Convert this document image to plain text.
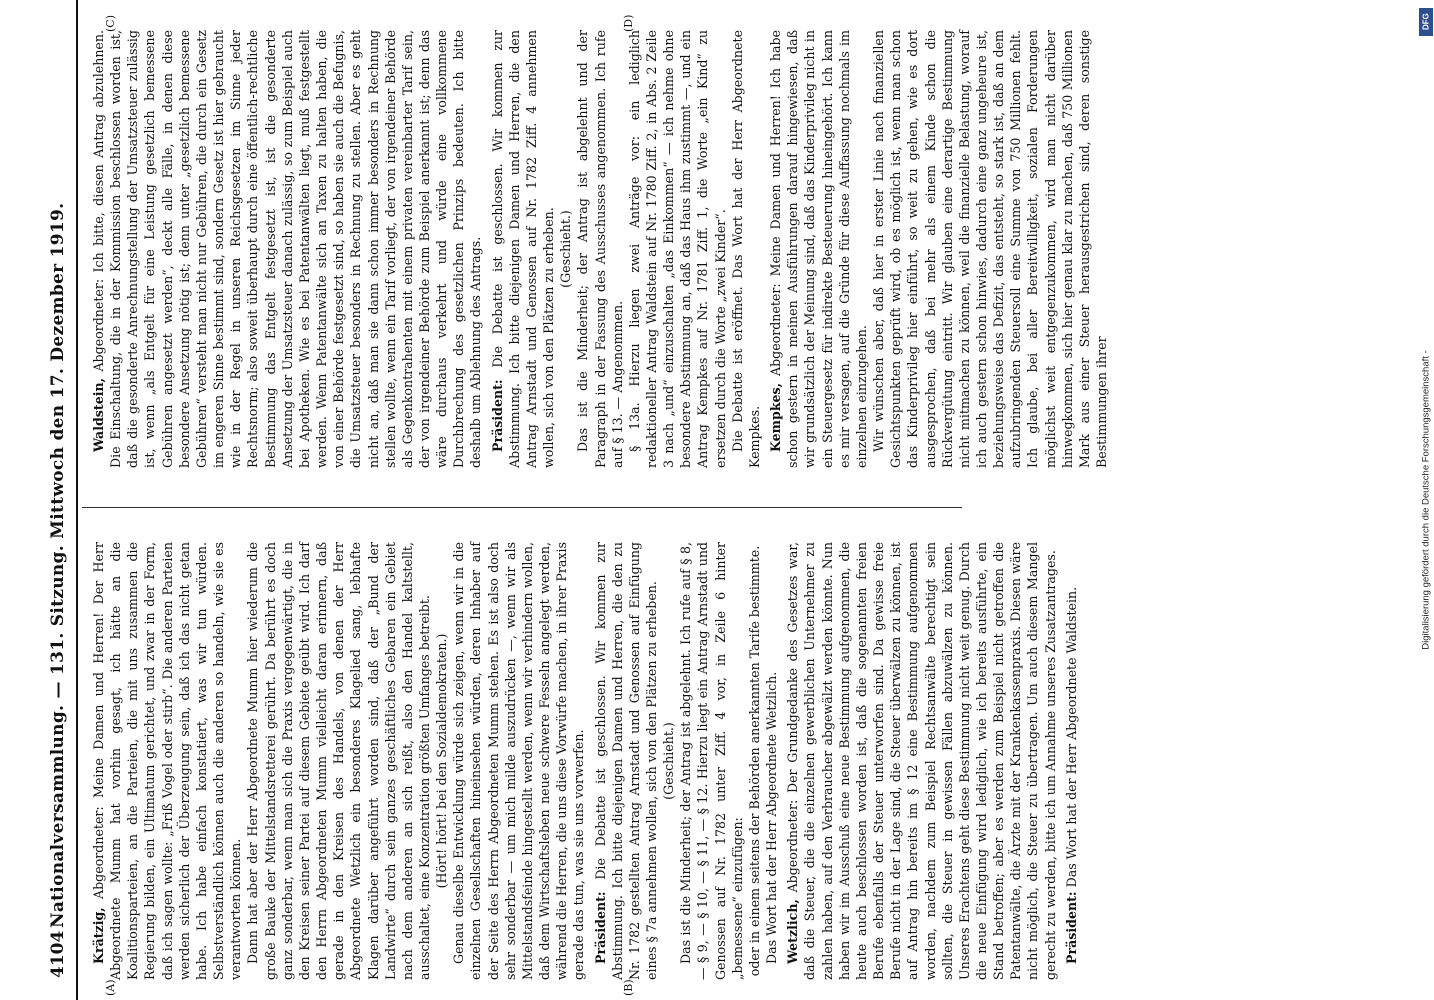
4104
Nationalversammlung. — 131. Sitzung. Mittwoch den 17. Dezember 1919.
(A)	(B)
(C)	(D)

Krätzig, Abgeordneter: Meine Damen und Herren! Der Herr Abgeordnete Mumm hat vorhin gesagt, ich hätte an die Koalitionsparteien, an die Parteien, die mit uns zusammen die Regierung bilden, ein Ultimatum gerichtet, und zwar in der Form, daß ich sagen wollte: „Friß Vogel oder stirb“. Die anderen Parteien werden sicherlich der Überzeugung sein, daß ich das nicht getan habe. Ich habe einfach konstatiert, was wir tun würden. Selbstverständlich können auch die anderen so handeln, wie sie es verantworten können. Dann hat aber der Herr Abgeordnete Mumm hier wiederum die große Bauke der Mittelstandsretterei gerührt. Da berührt es doch ganz sonderbar, wenn man sich die Praxis vergegenwärtigt, die in den Kreisen seiner Partei auf diesem Gebiete geübt wird. Ich darf den Herrn Abgeordneten Mumm vielleicht daran erinnern, daß gerade in den Kreisen des Handels, von denen der Herr Abgeordnete Wetzlich ein besonderes Klagelied sang, lebhafte Klagen darüber angeführt worden sind, daß der „Bund der Landwirte“ durch sein ganzes geschäftliches Gebaren ein Gebiet nach dem anderen an sich reißt, also den Handel kaltstellt, ausschaltet, eine Konzentration größten Umfanges betreibt. (Hört! hört! bei den Sozialdemokraten.) Genau dieselbe Entwicklung würde sich zeigen, wenn wir in die einzelnen Gesellschaften hineinsehen würden, deren Inhaber auf der Seite des Herrn Abgeordneten Mumm stehen. Es ist also doch sehr sonderbar — um mich milde auszudrücken —, wenn wir als Mittelstandsfeinde hingestellt werden, wenn wir verhindern wollen, daß dem Wirtschaftsleben neue schwere Fesseln angelegt werden, während die Herren, die uns diese Vorwürfe machen, in ihrer Praxis gerade das tun, was sie uns vorwerfen. Präsident: Die Debatte ist geschlossen. Wir kommen zur Abstimmung. Ich bitte diejenigen Damen und Herren, die den zu Nr. 1782 gestellten Antrag Arnstadt und Genossen auf Einfügung eines § 7a annehmen wollen, sich von den Plätzen zu erheben. (Geschieht.) Das ist die Minderheit; der Antrag ist abgelehnt. Ich rufe auf § 8, — § 9, — § 10, — § 11, — § 12. Hierzu liegt ein Antrag Arnstadt und Genossen auf Nr. 1782 unter Ziff. 4 vor, in Zeile 6 hinter „bemessene“ einzufügen: oder in einem seitens der Behörden anerkannten Tarife bestimmte. Das Wort hat der Herr Abgeordnete Wetzlich. Wetzlich, Abgeordneter: Der Grundgedanke des Gesetzes war, daß die Steuer, die die einzelnen gewerblichen Unternehmer zu zahlen haben, auf den Verbraucher abgewälzt werden könnte. Nun haben wir im Ausschuß eine neue Bestimmung aufgenommen, die heute auch beschlossen worden ist, daß die sogenannten freien Berufe ebenfalls der Steuer unterworfen sind. Da gewisse freie Berufe nicht in der Lage sind, die Steuer überwälzen zu können, ist auf Antrag hin bereits im § 12 eine Bestimmung aufgenommen worden, nachdem zum Beispiel Rechtsanwälte berechtigt sein sollten, die Steuer in gewissen Fällen abzuwälzen zu können. Unseres Erachtens geht diese Bestimmung nicht weit genug. Durch die neue Einfügung wird lediglich, wie ich bereits ausführte, ein Stand betroffen; aber es werden zum Beispiel nicht getroffen die Patentanwälte, die Ärzte mit der Krankenkassenpraxis. Diesen wäre nicht möglich, die Steuer zu übertragen. Um auch diesem Mangel gerecht zu werden, bitte ich um Annahme unseres Zusatzantrages. Präsident: Das Wort hat der Herr Abgeordnete Waldstein.

Waldstein, Abgeordneter: Ich bitte, diesen Antrag abzulehnen. Die Einschaltung, die in der Kommission beschlossen worden ist, daß die gesonderte Anrechnungstellung der Umsatzsteuer zulässig ist, wenn „als Entgelt für eine Leistung gesetzlich bemessene Gebühren angesetzt werden“, deckt alle Fälle, in denen diese besondere Ansetzung nötig ist; denn unter „gesetzlich bemessene Gebühren“ versteht man nicht nur Gebühren, die durch ein Gesetz im engeren Sinne bestimmt sind, sondern Gesetz ist hier gebraucht wie in der Regel in unseren Reichsgesetzen im Sinne jeder Rechtsnorm; also soweit überhaupt durch eine öffentlich-rechtliche Bestimmung das Entgelt festgesetzt ist, ist die gesonderte Ansetzung der Umsatzsteuer danach zulässig, so zum Beispiel auch bei Apotheken. Wie es bei Patentanwälten liegt, muß festgestellt werden. Wenn Patentanwälte sich an Taxen zu halten haben, die von einer Behörde festgesetzt sind, so haben sie auch die Befugnis, die Umsatzsteuer besonders in Rechnung zu stellen. Aber es geht nicht an, daß man sie dann schon immer besonders in Rechnung stellen wollte, wenn ein Tarif vorliegt, der von irgendeiner Behörde als Gegenkontrahenten mit einem privaten vereinbarter Tarif sein, der von irgendeiner Behörde zum Beispiel anerkannt ist; denn das wäre durchaus verkehrt und würde eine vollkommene Durchbrechung des gesetzlichen Prinzips bedeuten. Ich bitte deshalb um Ablehnung des Antrags. Präsident: Die Debatte ist geschlossen. Wir kommen zur Abstimmung. Ich bitte diejenigen Damen und Herren, die den Antrag Arnstadt und Genossen auf Nr. 1782 Ziff. 4 annehmen wollen, sich von den Plätzen zu erheben. (Geschieht.) Das ist die Minderheit; der Antrag ist abgelehnt und der Paragraph in der Fassung des Ausschusses angenommen. Ich rufe auf § 13. — Angenommen. § 13a. Hierzu liegen zwei Anträge vor: ein lediglich redaktioneller Antrag Waldstein auf Nr. 1780 Ziff. 2, in Abs. 2 Zeile 3 nach „und“ einzuschalten „das Einkommen“ — ich nehme ohne besondere Abstimmung an, daß das Haus ihm zustimmt —, und ein Antrag Kempkes auf Nr. 1781 Ziff. 1, die Worte „ein Kind“ zu ersetzen durch die Worte „zwei Kinder“. Die Debatte ist eröffnet. Das Wort hat der Herr Abgeordnete Kempkes. Kempkes, Abgeordneter: Meine Damen und Herren! Ich habe schon gestern in meinen Ausführungen darauf hingewiesen, daß wir grundsätzlich der Meinung sind, daß das Kinderprivileg nicht in ein Steuergesetz für indirekte Besteuerung hineingehört. Ich kann es mir versagen, auf die Gründe für diese Auffassung nochmals im einzelnen einzugehen. Wir wünschen aber, daß hier in erster Linie nach finanziellen Gesichtspunkten geprüft wird, ob es möglich ist, wenn man schon das Kinderprivileg hier einführt, so weit zu gehen, wie es dort ausgesprochen, daß bei mehr als einem Kinde schon die Rückvergütung eintritt. Wir glauben eine derartige Bestimmung nicht mitmachen zu können, weil die finanzielle Belastung, worauf ich auch gestern schon hinwies, dadurch eine ganz ungeheure ist, beziehungsweise das Defizit, das entsteht, so stark ist, daß an dem aufzubringenden Steuersoll eine Summe von 750 Millionen fehlt. Ich glaube, bei aller Bereitwilligkeit, sozialen Forderungen möglichst weit entgegenzukommen, wird man nicht darüber hinwegkommen, sich hier genau klar zu machen, daß 750 Millionen Mark aus einer Steuer herausgestrichen sind, deren sonstige Bestimmungen ihrer	Digitalisierung gefördert durch die Deutsche Forschungsgemeinschaft -
DFG
